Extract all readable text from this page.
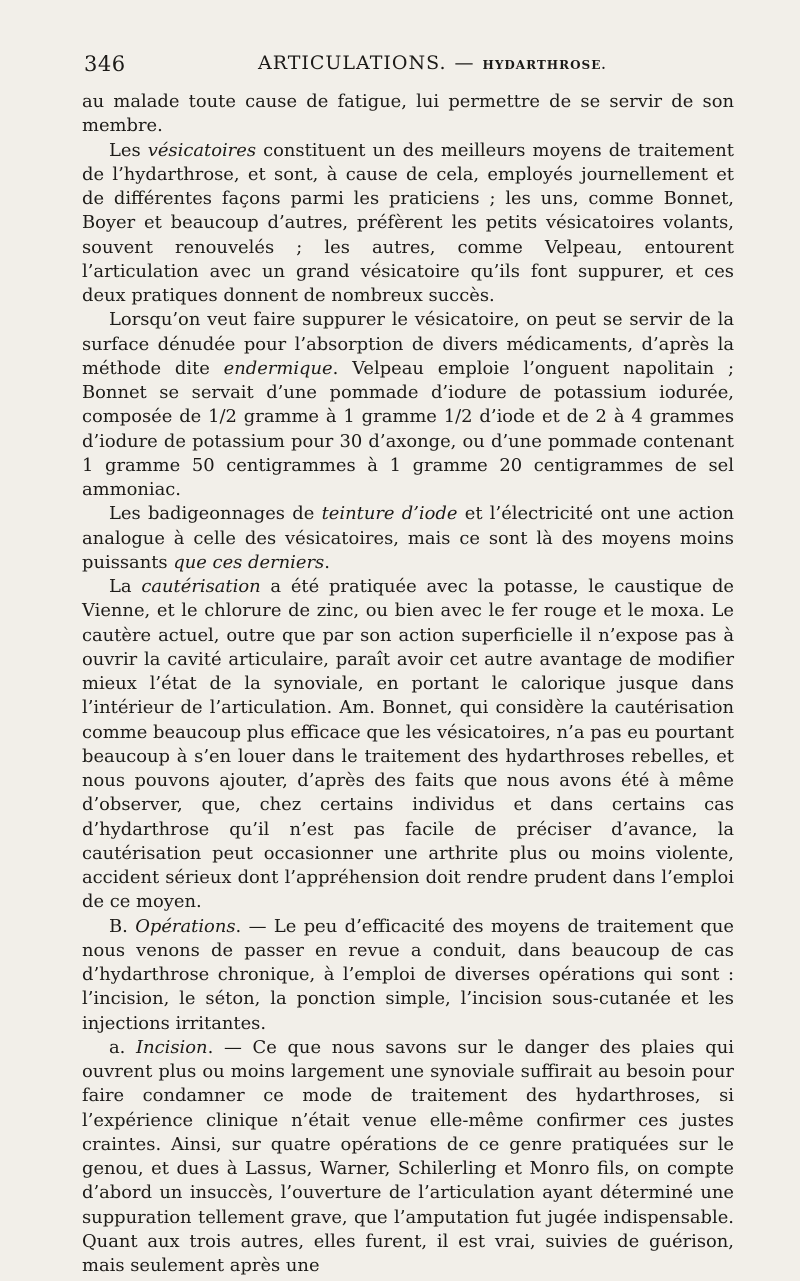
346	ARTICULATIONS. — HYDARTHROSE.

au malade toute cause de fatigue, lui permettre de se servir de son membre.

Les vésicatoires constituent un des meilleurs moyens de traitement de l’hydarthrose, et sont, à cause de cela, employés journellement et de différentes façons parmi les praticiens ; les uns, comme Bonnet, Boyer et beaucoup d’autres, préfèrent les petits vésicatoires volants, souvent renouvelés ; les autres, comme Velpeau, entourent l’articulation avec un grand vésicatoire qu’ils font suppurer, et ces deux pratiques donnent de nombreux succès.

Lorsqu’on veut faire suppurer le vésicatoire, on peut se servir de la surface dénudée pour l’absorption de divers médicaments, d’après la méthode dite endermique. Velpeau emploie l’onguent napolitain ; Bonnet se servait d’une pommade d’iodure de potassium iodurée, composée de 1/2 gramme à 1 gramme 1/2 d’iode et de 2 à 4 grammes d’iodure de potassium pour 30 d’axonge, ou d’une pommade contenant 1 gramme 50 centigrammes à 1 gramme 20 centigrammes de sel ammoniac.

Les badigeonnages de teinture d’iode et l’électricité ont une action analogue à celle des vésicatoires, mais ce sont là des moyens moins puissants que ces derniers.

La cautérisation a été pratiquée avec la potasse, le caustique de Vienne, et le chlorure de zinc, ou bien avec le fer rouge et le moxa. Le cautère actuel, outre que par son action superficielle il n’expose pas à ouvrir la cavité articulaire, paraît avoir cet autre avantage de modifier mieux l’état de la synoviale, en portant le calorique jusque dans l’intérieur de l’articulation. Am. Bonnet, qui considère la cautérisation comme beaucoup plus efficace que les vésicatoires, n’a pas eu pourtant beaucoup à s’en louer dans le traitement des hydarthroses rebelles, et nous pouvons ajouter, d’après des faits que nous avons été à même d’observer, que, chez certains individus et dans certains cas d’hydarthrose qu’il n’est pas facile de préciser d’avance, la cautérisation peut occasionner une arthrite plus ou moins violente, accident sérieux dont l’appréhension doit rendre prudent dans l’emploi de ce moyen.

B. Opérations. — Le peu d’efficacité des moyens de traitement que nous venons de passer en revue a conduit, dans beaucoup de cas d’hydarthrose chronique, à l’emploi de diverses opérations qui sont : l’incision, le séton, la ponction simple, l’incision sous-cutanée et les injections irritantes.

a. Incision. — Ce que nous savons sur le danger des plaies qui ouvrent plus ou moins largement une synoviale suffirait au besoin pour faire condamner ce mode de traitement des hydarthroses, si l’expérience clinique n’était venue elle-même confirmer ces justes craintes. Ainsi, sur quatre opérations de ce genre pratiquées sur le genou, et dues à Lassus, Warner, Schilerling et Monro fils, on compte d’abord un insuccès, l’ouverture de l’articulation ayant déterminé une suppuration tellement grave, que l’amputation fut jugée indispensable. Quant aux trois autres, elles furent, il est vrai, suivies de guérison, mais seulement après une
